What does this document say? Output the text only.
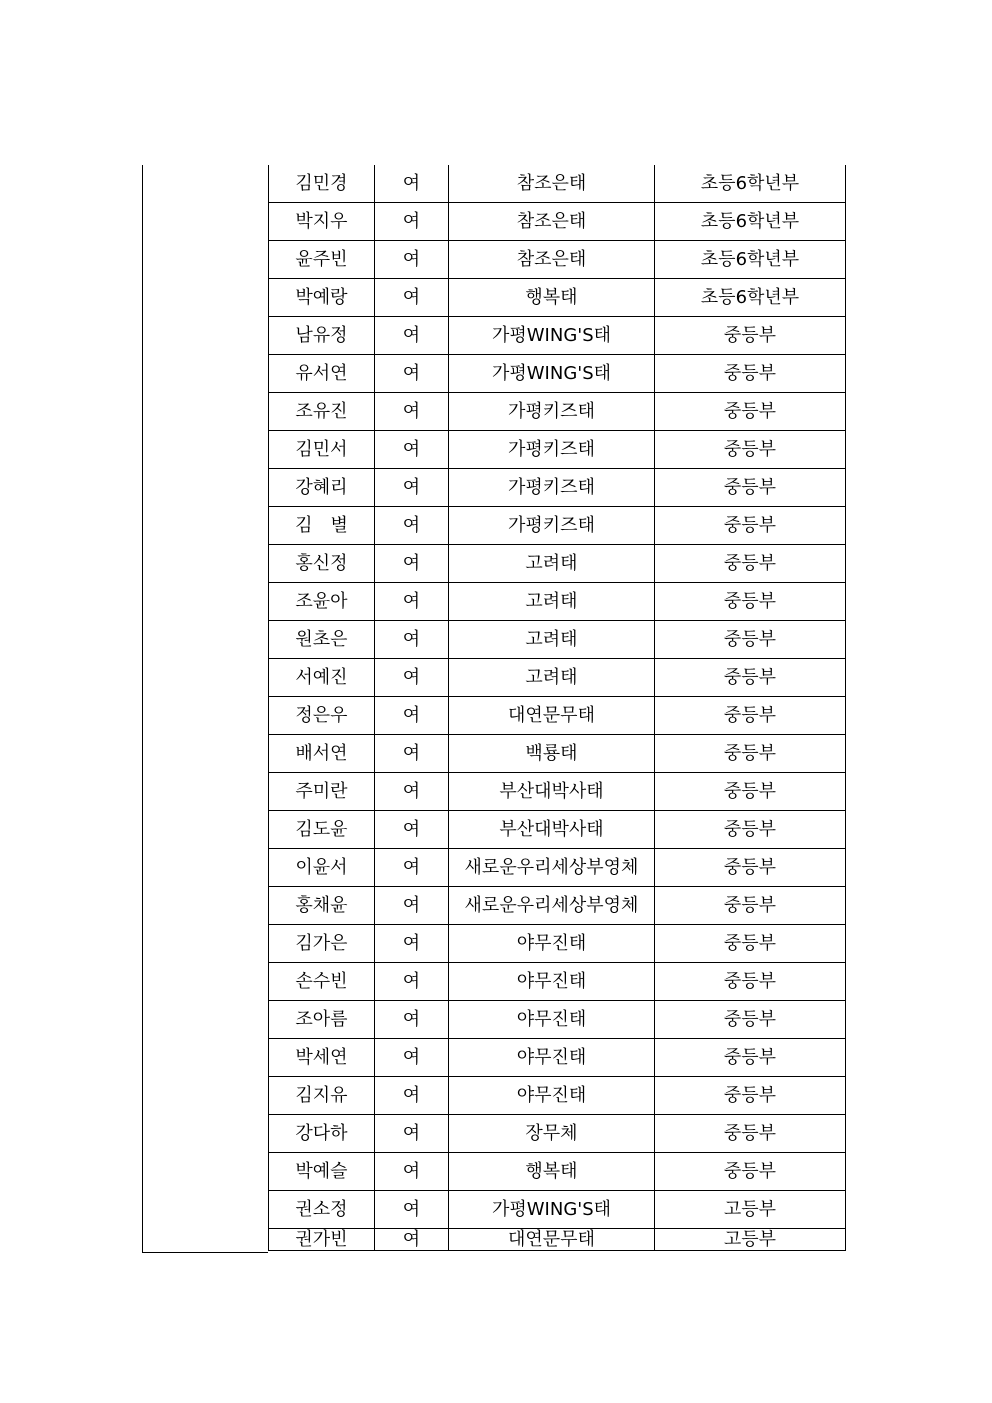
김민경	여	참조은태	초등6학년부
박지우	여	참조은태	초등6학년부
윤주빈	여	참조은태	초등6학년부
박예랑	여	행복태	초등6학년부
남유정	여	가평WING'S태	중등부
유서연	여	가평WING'S태	중등부
조유진	여	가평키즈태	중등부
김민서	여	가평키즈태	중등부
강혜리	여	가평키즈태	중등부
김　별	여	가평키즈태	중등부
홍신정	여	고려태	중등부
조윤아	여	고려태	중등부
원초은	여	고려태	중등부
서예진	여	고려태	중등부
정은우	여	대연문무태	중등부
배서연	여	백룡태	중등부
주미란	여	부산대박사태	중등부
김도윤	여	부산대박사태	중등부
이윤서	여	새로운우리세상부영체	중등부
홍채윤	여	새로운우리세상부영체	중등부
김가은	여	야무진태	중등부
손수빈	여	야무진태	중등부
조아름	여	야무진태	중등부
박세연	여	야무진태	중등부
김지유	여	야무진태	중등부
강다하	여	장무체	중등부
박예슬	여	행복태	중등부
권소정	여	가평WING'S태	고등부
권가빈	여	대연문무태	고등부
